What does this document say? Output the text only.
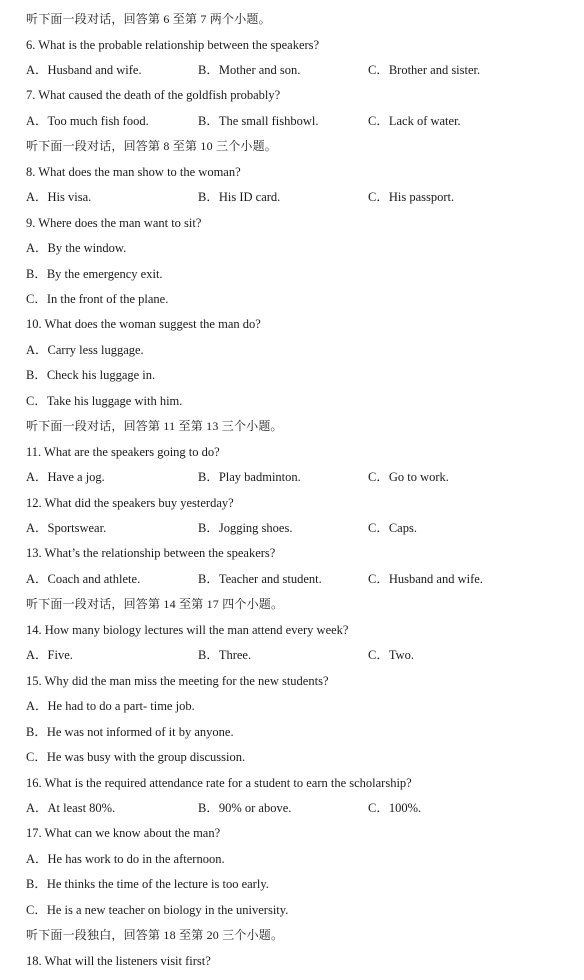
听下面一段对话，回答第 6 至第 7 两个小题。
6. What is the probable relationship between the speakers?
A．Husband and wife.	B．Mother and son.	C．Brother and sister.
7. What caused the death of the goldfish probably?
A．Too much fish food.	B．The small fishbowl.	C．Lack of water.
听下面一段对话，回答第 8 至第 10 三个小题。
8. What does the man show to the woman?
A．His visa.	B．His ID card.	C．His passport.
9. Where does the man want to sit?
A．By the window.
B．By the emergency exit.
C．In the front of the plane.
10. What does the woman suggest the man do?
A．Carry less luggage.
B．Check his luggage in.
C．Take his luggage with him.
听下面一段对话，回答第 11 至第 13 三个小题。
11. What are the speakers going to do?
A．Have a jog.	B．Play badminton.	C．Go to work.
12. What did the speakers buy yesterday?
A．Sportswear.	B．Jogging shoes.	C．Caps.
13. What’s the relationship between the speakers?
A．Coach and athlete.	B．Teacher and student.	C．Husband and wife.
听下面一段对话，回答第 14 至第 17 四个小题。
14. How many biology lectures will the man attend every week?
A．Five.	B．Three.	C．Two.
15. Why did the man miss the meeting for the new students?
A．He had to do a part- time job.
B．He was not informed of it by anyone.
C．He was busy with the group discussion.
16. What is the required attendance rate for a student to earn the scholarship?
A．At least 80%.	B．90% or above.	C．100%.
17. What can we know about the man?
A．He has work to do in the afternoon.
B．He thinks the time of the lecture is too early.
C．He is a new teacher on biology in the university.
听下面一段独白，回答第 18 至第 20 三个小题。
18. What will the listeners visit first?
